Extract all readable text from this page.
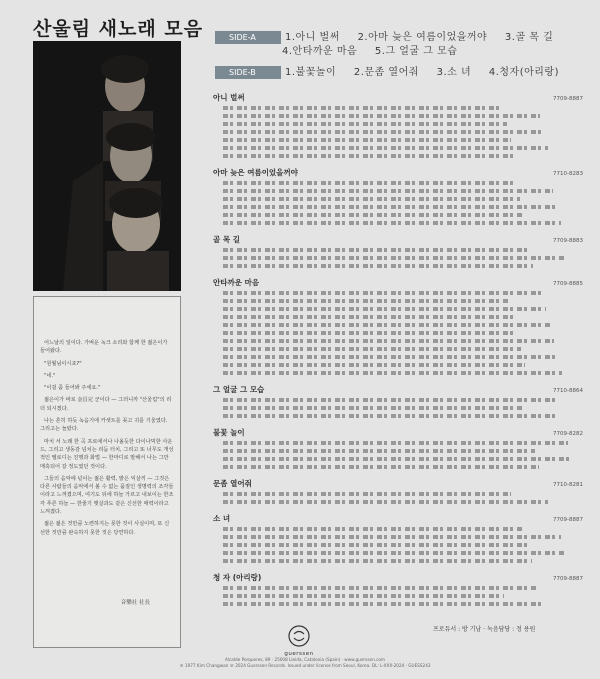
산울림 새노래 모음

어느날의 일이다. 가벼운 녹크 소리와 함께 한 젊은이가 들어왔다.

"원월님이시죠?"

"네."

"이걸 좀 들어봐 주세요."

젊은이가 바로 金昌完 군이다 — 그러니까 "산울림"의 리더 되시겠다.

나는 흔히 하듯 녹음기에 카셋트를 꽂고 귀를 기울였다. 그리고는 놀랐다.

마치 서 노래 한 곡 프로에서나 나올듯한 다이나믹한 사운드, 그리고 생동감 넘치는 리듬 터치, 그리고 또 너무도 개성적인 멜로디는 진행과 화법 — 한마디로 말해서 나는 그만 매혹되어 갈 정도였던 것이다.

그들의 음악에 넋이는 젊은 활력, 밝은 익살끼 — 그것은 다른 사람들의 음악에서 볼 수 없는 품질인 생명력의 조각들이라고 느껴졌으며, 여기도 뒤에 하늘 가르고 내보이는 한조각 푸른 하늘 — 한줄기 햇살과도 같은 신선한 매력이라고 느껴졌다.

젊은 젊은 것만큼 노련하지는 못한 것이 사실이며, 또 신선한 것만큼 완숙하지 못한 것은 당연하다.

音樂社 社長
SIDE-A	1.아니 벌써 2.아마 늦은 여름이었을꺼야 3.골 목 길
4.안타까운 마음 5.그 얼굴 그 모습
SIDE-B	1.불꽃놀이 2.문좀 열어줘 3.소 녀 4.청자(아리랑)
아니 벌써	7709-8887
아마 늦은 여름이었을꺼야	7710-8283
골 목 길	7709-8883
안타까운 마음	7709-8885
그 얼굴 그 모습	7710-8864
불꽃 놀이	7709-8282
문좀 열어줘	7710-8281
소 녀	7709-8887
청 자 (아리랑)	7709-8887
guerssen
프로듀서 : 방 기남 · 녹음담당 : 정 용원
Alcalde Porqueres, 89 · 25008 Lleida, Catalonia (Spain) · www.guerssen.com
℗ 1977 Kim Changwan ℗ 2024 Guerssen Records. Issued under license from Seoul, Korea. DL: L-XXX-2024 · GUESS243
